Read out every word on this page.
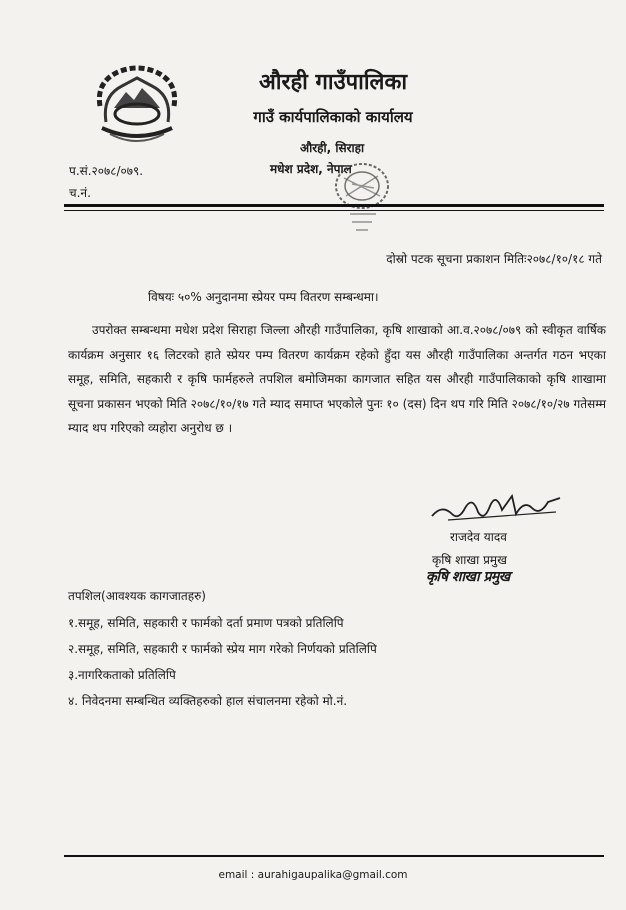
औरही गाउँपालिका
गाउँ कार्यपालिकाको कार्यालय
औरही, सिराहा
मधेश प्रदेश, नेपाल
प.सं.२०७८/०७९.
च.नं.
दोस्रो पटक सूचना प्रकाशन मितिः२०७८/१०/१८ गते
विषयः ५०% अनुदानमा स्प्रेयर पम्प वितरण सम्बन्धमा।

उपरोक्त सम्बन्धमा मधेश प्रदेश सिराहा जिल्ला औरही गाउँपालिका, कृषि शाखाको आ.व.२०७८/०७९ को स्वीकृत वार्षिक कार्यक्रम अनुसार १६ लिटरको हाते स्प्रेयर पम्प वितरण कार्यक्रम रहेको हुँदा यस औरही गाउँपालिका अन्तर्गत गठन भएका समूह, समिति, सहकारी र कृषि फार्महरुले तपशिल बमोजिमका कागजात सहित यस औरही गाउँपालिकाको कृषि शाखामा सूचना प्रकासन भएको मिति २०७८/१०/१७ गते म्याद समाप्त भएकोले पुनः १० (दस) दिन थप गरि मिति २०७८/१०/२७ गतेसम्म म्याद थप गरिएको व्यहोरा अनुरोध छ ।

राजदेव यादव
कृषि शाखा प्रमुख
कृषि शाखा प्रमुख
तपशिल(आवश्यक कागजातहरु)
१.समूह, समिति, सहकारी र फार्मको दर्ता प्रमाण पत्रको प्रतिलिपि
२.समूह, समिति, सहकारी र फार्मको स्प्रेय माग गरेको निर्णयको प्रतिलिपि
३.नागरिकताको प्रतिलिपि
४. निवेदनमा सम्बन्धित व्यक्तिहरुको हाल संचालनमा रहेको मो.नं.
email : aurahigaupalika@gmail.com
